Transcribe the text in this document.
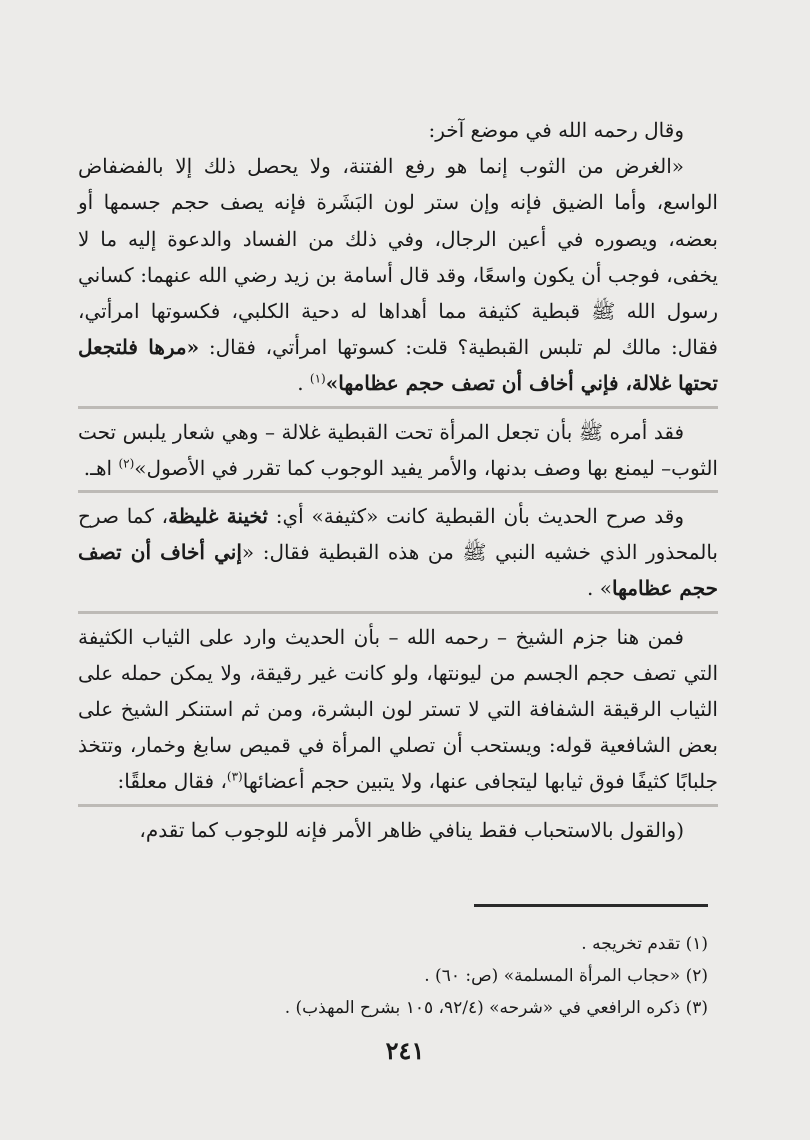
وقال رحمه الله في موضع آخر:

«الغرض من الثوب إنما هو رفع الفتنة، ولا يحصل ذلك إلا بالفضفاض الواسع، وأما الضيق فإنه وإن ستر لون البَشَرة فإنه يصف حجم جسمها أو بعضه، ويصوره في أعين الرجال، وفي ذلك من الفساد والدعوة إليه ما لا يخفى، فوجب أن يكون واسعًا، وقد قال أسامة بن زيد رضي الله عنهما: كساني رسول الله ﷺ قبطية كثيفة مما أهداها له دحية الكلبي، فكسوتها امرأتي، فقال: مالك لم تلبس القبطية؟ قلت: كسوتها امرأتي، فقال: «مرها فلتجعل تحتها غلالة، فإني أخاف أن تصف حجم عظامها»$^{(١)}$ .

فقد أمره ﷺ بأن تجعل المرأة تحت القبطية غلالة – وهي شعار يلبس تحت الثوب– ليمنع بها وصف بدنها، والأمر يفيد الوجوب كما تقرر في الأصول»$^{(٢)}$ اهـ.

وقد صرح الحديث بأن القبطية كانت «كثيفة» أي: ثخينة غليظة، كما صرح بالمحذور الذي خشيه النبي ﷺ من هذه القبطية فقال: «إني أخاف أن تصف حجم عظامها» .

فمن هنا جزم الشيخ – رحمه الله – بأن الحديث وارد على الثياب الكثيفة التي تصف حجم الجسم من ليونتها، ولو كانت غير رقيقة، ولا يمكن حمله على الثياب الرقيقة الشفافة التي لا تستر لون البشرة، ومن ثم استنكر الشيخ على بعض الشافعية قوله: ويستحب أن تصلي المرأة في قميص سابغ وخمار، وتتخذ جلبابًا كثيفًا فوق ثيابها ليتجافى عنها، ولا يتبين حجم أعضائها$^{(٣)}$، فقال معلقًا:

(والقول بالاستحباب فقط ينافي ظاهر الأمر فإنه للوجوب كما تقدم،

(١) تقدم تخريجه .

(٢) «حجاب المرأة المسلمة» (ص: ٦٠) .

(٣) ذكره الرافعي في «شرحه» (٩٢/٤، ١٠٥ بشرح المهذب) .

٢٤١
